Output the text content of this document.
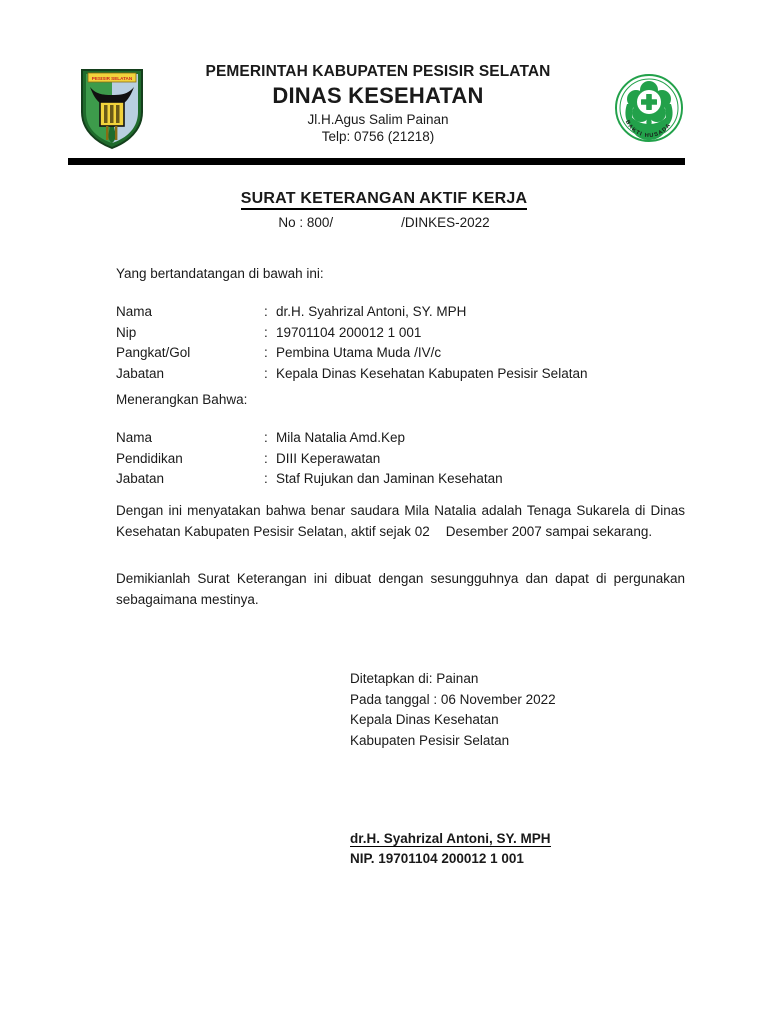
PESISIR SELATAN	PEMERINTAH KABUPATEN PESISIR SELATAN
DINAS KESEHATAN
Jl.H.Agus Salim Painan
Telp: 0756 (21218)
BAKTI HUSADA
SURAT KETERANGAN AKTIF KERJA
No : 800/	/DINKES-2022
Yang bertandatangan di bawah ini:
Nama	:	dr.H. Syahrizal Antoni, SY. MPH
Nip	:	19701104 200012 1 001
Pangkat/Gol	:	Pembina Utama Muda /IV/c
Jabatan	:	Kepala Dinas Kesehatan Kabupaten Pesisir Selatan
Menerangkan Bahwa:
Nama	:	Mila Natalia Amd.Kep
Pendidikan	:	DIII Keperawatan
Jabatan	:	Staf Rujukan dan Jaminan Kesehatan
Dengan ini menyatakan bahwa benar saudara Mila Natalia adalah Tenaga Sukarela di Dinas Kesehatan Kabupaten Pesisir Selatan, aktif sejak 02 Desember 2007 sampai sekarang.
Demikianlah Surat Keterangan ini dibuat dengan sesungguhnya dan dapat di pergunakan sebagaimana mestinya.
Ditetapkan di: Painan
Pada tanggal : 06 November 2022
Kepala Dinas Kesehatan
Kabupaten Pesisir Selatan
dr.H. Syahrizal Antoni, SY. MPH
NIP. 19701104 200012 1 001
